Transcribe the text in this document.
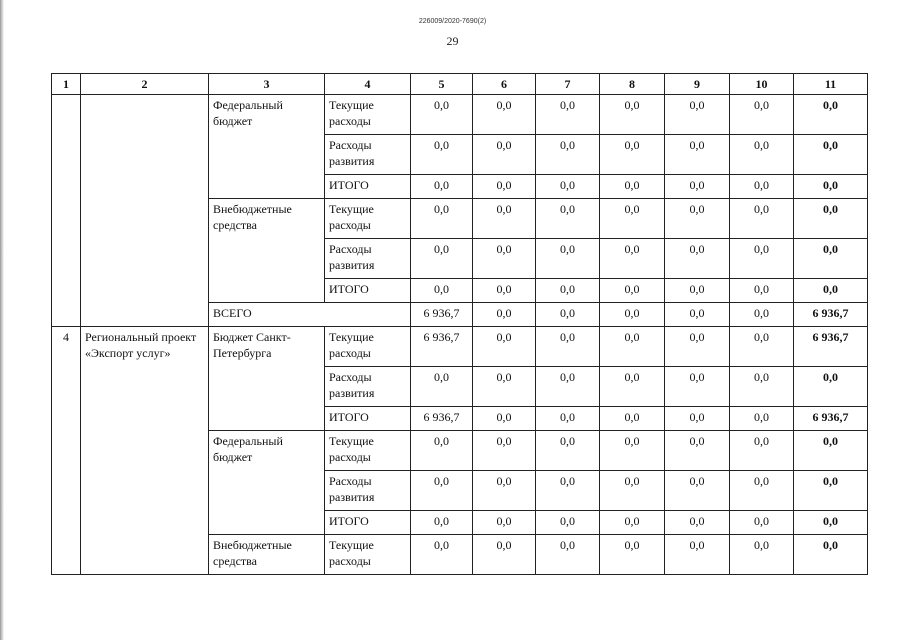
226009/2020-7690(2)
29
1	2	3	4	5	6	7	8	9	10	11
		Федеральный бюджет	Текущие расходы	0,0	0,0	0,0	0,0	0,0	0,0	0,0
			Расходы развития	0,0	0,0	0,0	0,0	0,0	0,0	0,0
			ИТОГО	0,0	0,0	0,0	0,0	0,0	0,0	0,0
		Внебюджетные средства	Текущие расходы	0,0	0,0	0,0	0,0	0,0	0,0	0,0
			Расходы развития	0,0	0,0	0,0	0,0	0,0	0,0	0,0
			ИТОГО	0,0	0,0	0,0	0,0	0,0	0,0	0,0
		ВСЕГО		6 936,7	0,0	0,0	0,0	0,0	0,0	6 936,7
4	Региональный проект «Экспорт услуг»	Бюджет Санкт-Петербурга	Текущие расходы	6 936,7	0,0	0,0	0,0	0,0	0,0	6 936,7
			Расходы развития	0,0	0,0	0,0	0,0	0,0	0,0	0,0
			ИТОГО	6 936,7	0,0	0,0	0,0	0,0	0,0	6 936,7
		Федеральный бюджет	Текущие расходы	0,0	0,0	0,0	0,0	0,0	0,0	0,0
			Расходы развития	0,0	0,0	0,0	0,0	0,0	0,0	0,0
			ИТОГО	0,0	0,0	0,0	0,0	0,0	0,0	0,0
		Внебюджетные средства	Текущие расходы	0,0	0,0	0,0	0,0	0,0	0,0	0,0
